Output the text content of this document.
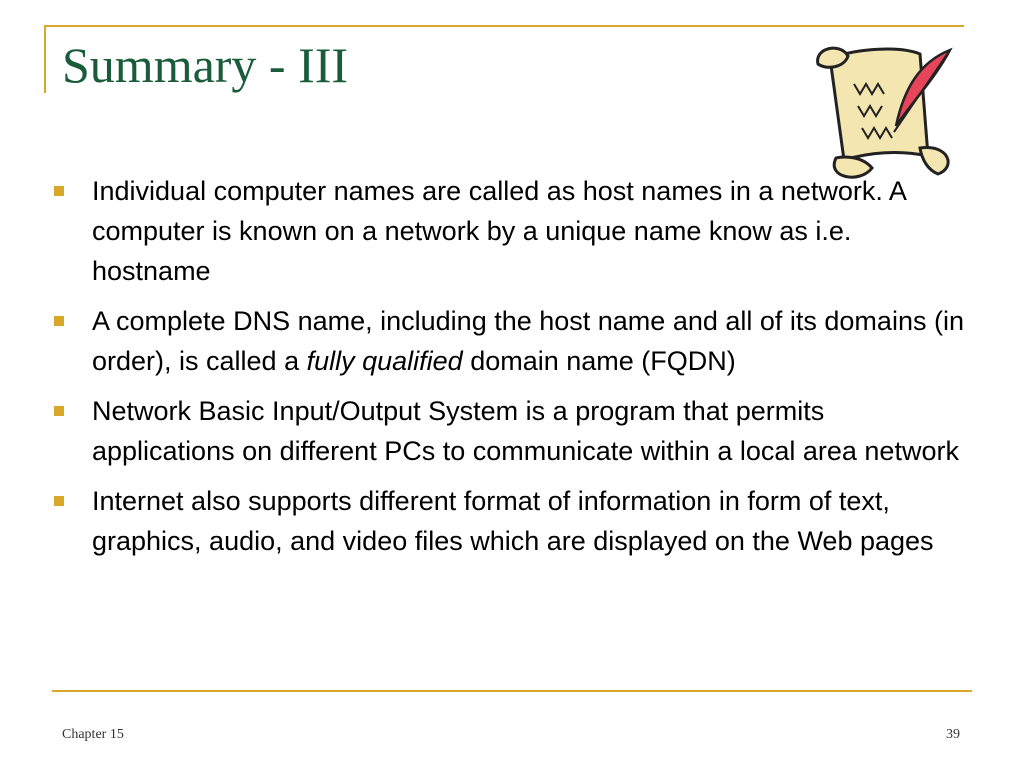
Summary - III
Individual computer names are called as host names in a network. A computer is known on a network by a unique name know as i.e. hostname
A complete DNS name, including the host name and all of its domains (in order), is called a fully qualified domain name (FQDN)
Network Basic Input/Output System is a program that permits applications on different PCs to communicate within a local area network
Internet also supports different format of information in form of text, graphics, audio, and video files which are displayed on the Web pages
Chapter 15	39
